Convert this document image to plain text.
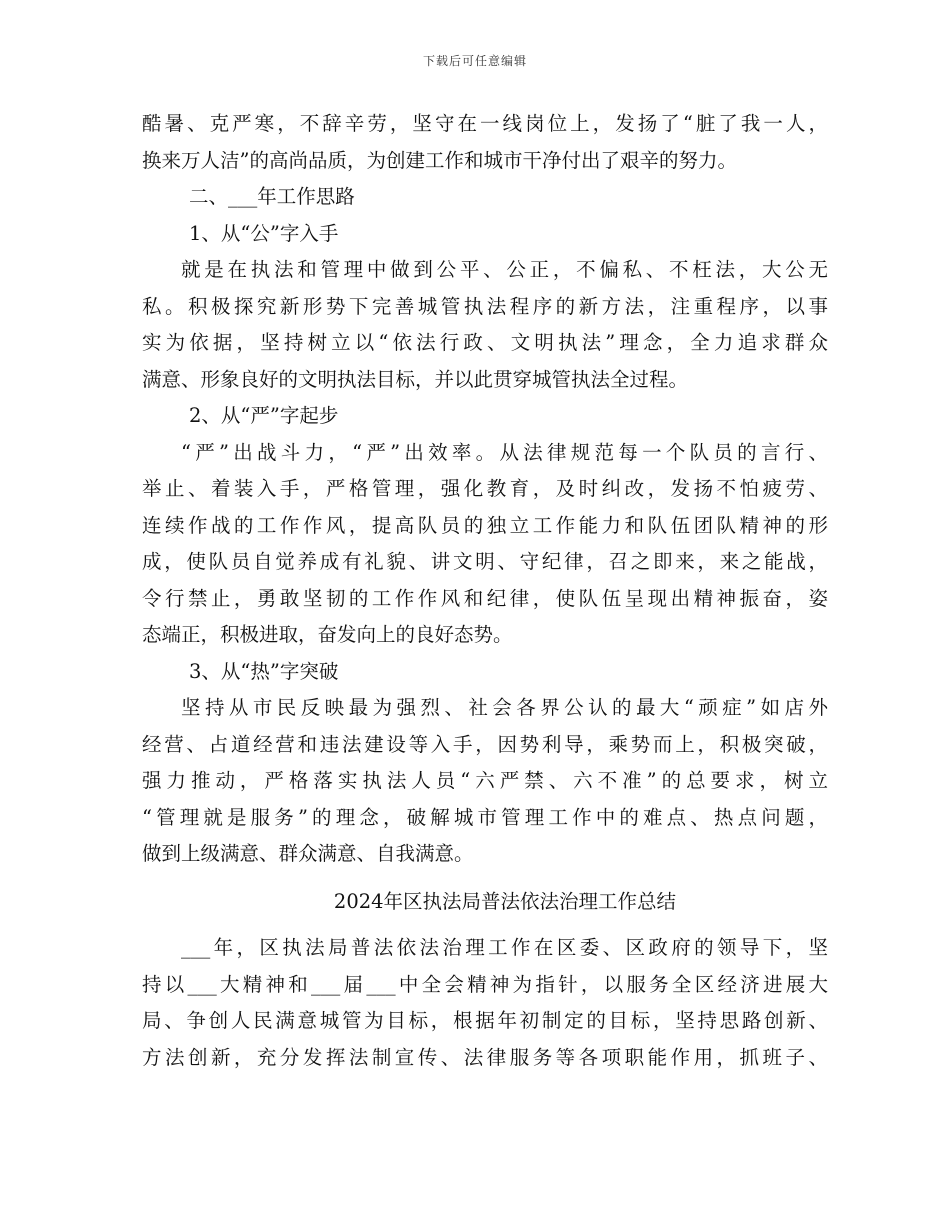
下载后可任意编辑
酷暑、克严寒，不辞辛劳，坚守在一线岗位上，发扬了“脏了我一人，
换来万人洁”的高尚品质，为创建工作和城市干净付出了艰辛的努力。
二、___年工作思路
1、从“公”字入手
就是在执法和管理中做到公平、公正，不偏私、不枉法，大公无
私。积极探究新形势下完善城管执法程序的新方法，注重程序，以事
实为依据，坚持树立以“依法行政、文明执法”理念，全力追求群众
满意、形象良好的文明执法目标，并以此贯穿城管执法全过程。
2、从“严”字起步
“严”出战斗力，“严”出效率。从法律规范每一个队员的言行、
举止、着装入手，严格管理，强化教育，及时纠改，发扬不怕疲劳、
连续作战的工作作风，提高队员的独立工作能力和队伍团队精神的形
成，使队员自觉养成有礼貌、讲文明、守纪律，召之即来，来之能战，
令行禁止，勇敢坚韧的工作作风和纪律，使队伍呈现出精神振奋，姿
态端正，积极进取，奋发向上的良好态势。
3、从“热”字突破
坚持从市民反映最为强烈、社会各界公认的最大“顽症”如店外
经营、占道经营和违法建设等入手，因势利导，乘势而上，积极突破，
强力推动，严格落实执法人员“六严禁、六不准”的总要求，树立
“管理就是服务”的理念，破解城市管理工作中的难点、热点问题，
做到上级满意、群众满意、自我满意。
2024年区执法局普法依法治理工作总结
___年，区执法局普法依法治理工作在区委、区政府的领导下，坚
持以___大精神和___届___中全会精神为指针，以服务全区经济进展大
局、争创人民满意城管为目标，根据年初制定的目标，坚持思路创新、
方法创新，充分发挥法制宣传、法律服务等各项职能作用，抓班子、
